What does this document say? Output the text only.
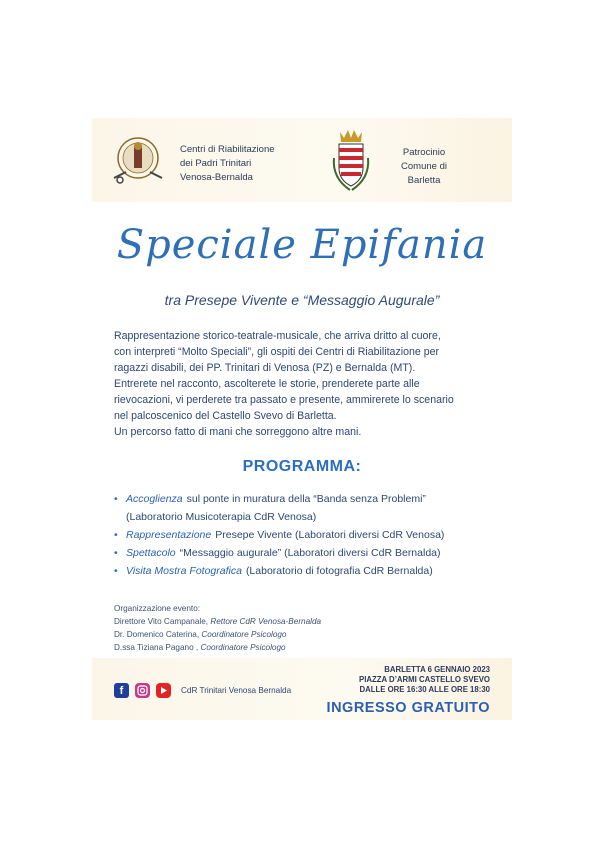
Centri di Riabilitazione
dei Padri Trinitari
Venosa-Bernalda
Patrocinio
Comune di Barletta
Speciale Epifania
tra Presepe Vivente e “Messaggio Augurale”
Rappresentazione storico-teatrale-musicale, che arriva dritto al cuore,
con interpreti “Molto Speciali”, gli ospiti dei Centri di Riabilitazione per
ragazzi disabili, dei PP. Trinitari di Venosa (PZ) e Bernalda (MT).
Entrerete nel racconto, ascolterete le storie, prenderete parte alle
rievocazioni, vi perderete tra passato e presente, ammirerete lo scenario
nel palcoscenico del Castello Svevo di Barletta.
Un percorso fatto di mani che sorreggono altre mani.
PROGRAMMA:
• Accoglienza sul ponte in muratura della “Banda senza Problemi”
(Laboratorio Musicoterapia CdR Venosa)
• Rappresentazione Presepe Vivente (Laboratori diversi CdR Venosa)
• Spettacolo “Messaggio augurale” (Laboratori diversi CdR Bernalda)
• Visita Mostra Fotografica (Laboratorio di fotografia CdR Bernalda)
Organizzazione evento:
Direttore Vito Campanale, Rettore CdR Venosa-Bernalda
Dr. Domenico Caterina, Coordinatore Psicologo
D.ssa Tiziana Pagano , Coordinatore Psicologo
f	CdR Trinitari Venosa Bernalda
BARLETTA 6 GENNAIO 2023
PIAZZA D’ARMI CASTELLO SVEVO
DALLE ORE 16:30 ALLE ORE 18:30
INGRESSO GRATUITO
